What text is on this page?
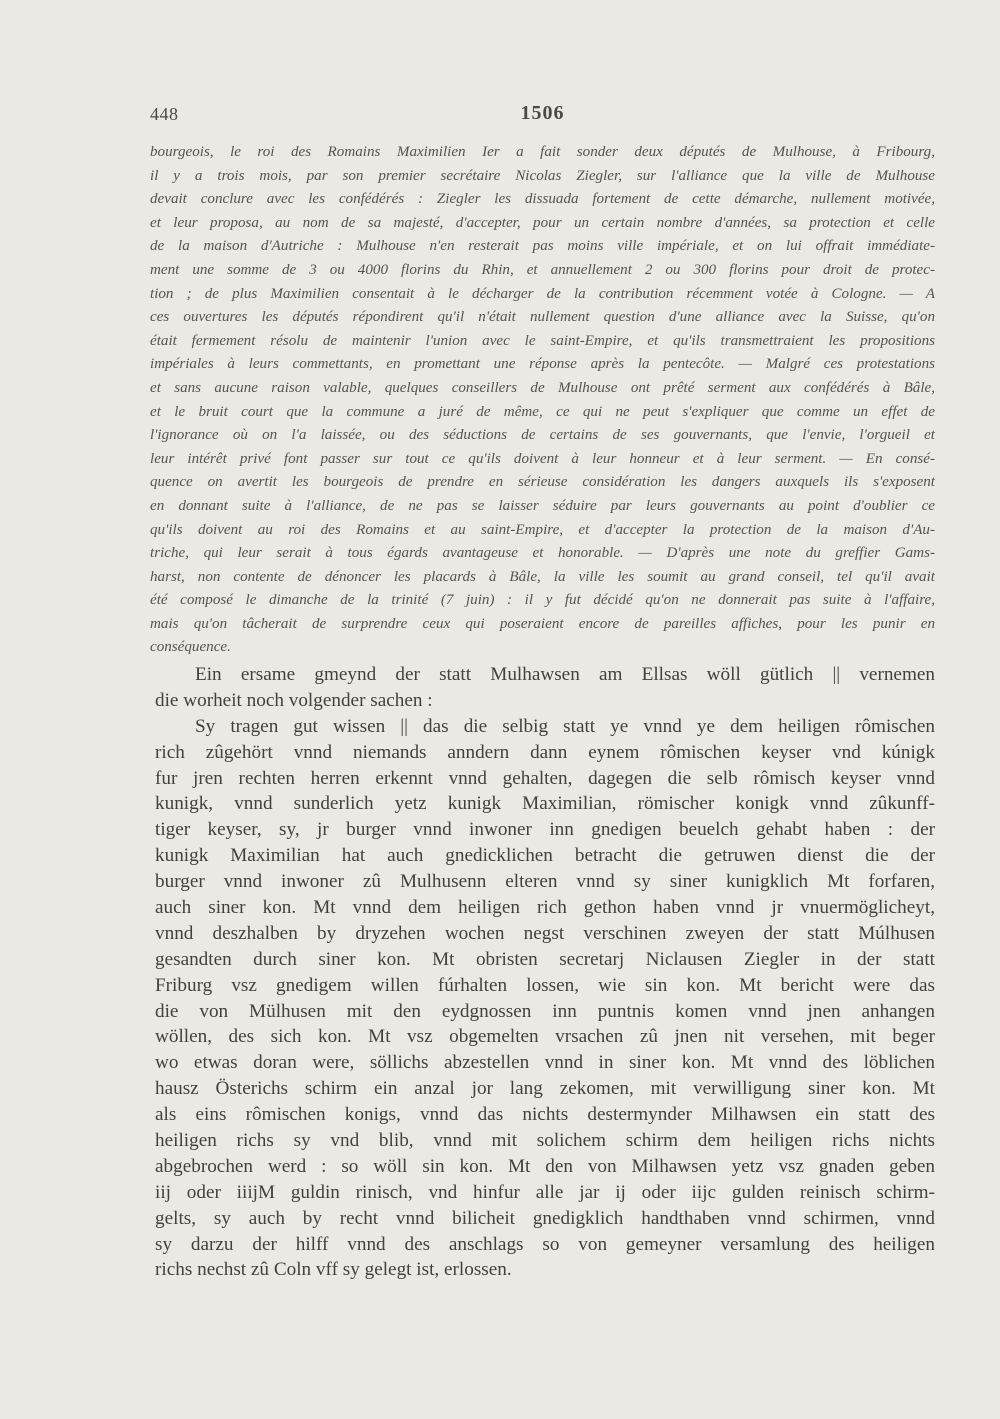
448	1506
bourgeois, le roi des Romains Maximilien Ier a fait sonder deux députés de Mulhouse, à Fribourg,
il y a trois mois, par son premier secrétaire Nicolas Ziegler, sur l'alliance que la ville de Mulhouse
devait conclure avec les confédérés : Ziegler les dissuada fortement de cette démarche, nullement motivée,
et leur proposa, au nom de sa majesté, d'accepter, pour un certain nombre d'années, sa protection et celle
de la maison d'Autriche : Mulhouse n'en resterait pas moins ville impériale, et on lui offrait immédiate-
ment une somme de 3 ou 4000 florins du Rhin, et annuellement 2 ou 300 florins pour droit de protec-
tion ; de plus Maximilien consentait à le décharger de la contribution récemment votée à Cologne. — A
ces ouvertures les députés répondirent qu'il n'était nullement question d'une alliance avec la Suisse, qu'on
était fermement résolu de maintenir l'union avec le saint-Empire, et qu'ils transmettraient les propositions
impériales à leurs commettants, en promettant une réponse après la pentecôte. — Malgré ces protestations
et sans aucune raison valable, quelques conseillers de Mulhouse ont prêté serment aux confédérés à Bâle,
et le bruit court que la commune a juré de même, ce qui ne peut s'expliquer que comme un effet de
l'ignorance où on l'a laissée, ou des séductions de certains de ses gouvernants, que l'envie, l'orgueil et
leur intérêt privé font passer sur tout ce qu'ils doivent à leur honneur et à leur serment. — En consé-
quence on avertit les bourgeois de prendre en sérieuse considération les dangers auxquels ils s'exposent
en donnant suite à l'alliance, de ne pas se laisser séduire par leurs gouvernants au point d'oublier ce
qu'ils doivent au roi des Romains et au saint-Empire, et d'accepter la protection de la maison d'Au-
triche, qui leur serait à tous égards avantageuse et honorable. — D'après une note du greffier Gams-
harst, non contente de dénoncer les placards à Bâle, la ville les soumit au grand conseil, tel qu'il avait
été composé le dimanche de la trinité (7 juin) : il y fut décidé qu'on ne donnerait pas suite à l'affaire,
mais qu'on tâcherait de surprendre ceux qui poseraient encore de pareilles affiches, pour les punir en
conséquence.
Ein ersame gmeynd der statt Mulhawsen am Ellsas wöll gütlich || vernemen
die worheit noch volgender sachen :
Sy tragen gut wissen || das die selbig statt ye vnnd ye dem heiligen rômischen
rich zûgehört vnnd niemands anndern dann eynem rômischen keyser vnd kúnigk
fur jren rechten herren erkennt vnnd gehalten, dagegen die selb rômisch keyser vnnd
kunigk, vnnd sunderlich yetz kunigk Maximilian, römischer konigk vnnd zûkunff-
tiger keyser, sy, jr burger vnnd inwoner inn gnedigen beuelch gehabt haben : der
kunigk Maximilian hat auch gnedicklichen betracht die getruwen dienst die der
burger vnnd inwoner zû Mulhusenn elteren vnnd sy siner kunigklich Mt forfaren,
auch siner kon. Mt vnnd dem heiligen rich gethon haben vnnd jr vnuermöglicheyt,
vnnd deszhalben by dryzehen wochen negst verschinen zweyen der statt Múlhusen
gesandten durch siner kon. Mt obristen secretarj Niclausen Ziegler in der statt
Friburg vsz gnedigem willen fúrhalten lossen, wie sin kon. Mt bericht were das
die von Mülhusen mit den eydgnossen inn puntnis komen vnnd jnen anhangen
wöllen, des sich kon. Mt vsz obgemelten vrsachen zû jnen nit versehen, mit beger
wo etwas doran were, söllichs abzestellen vnnd in siner kon. Mt vnnd des löblichen
hausz Österichs schirm ein anzal jor lang zekomen, mit verwilligung siner kon. Mt
als eins rômischen konigs, vnnd das nichts destermynder Milhawsen ein statt des
heiligen richs sy vnd blib, vnnd mit solichem schirm dem heiligen richs nichts
abgebrochen werd : so wöll sin kon. Mt den von Milhawsen yetz vsz gnaden geben
iij oder iiijM guldin rinisch, vnd hinfur alle jar ij oder iijc gulden reinisch schirm-
gelts, sy auch by recht vnnd bilicheit gnedigklich handthaben vnnd schirmen, vnnd
sy darzu der hilff vnnd des anschlags so von gemeyner versamlung des heiligen
richs nechst zû Coln vff sy gelegt ist, erlossen.
